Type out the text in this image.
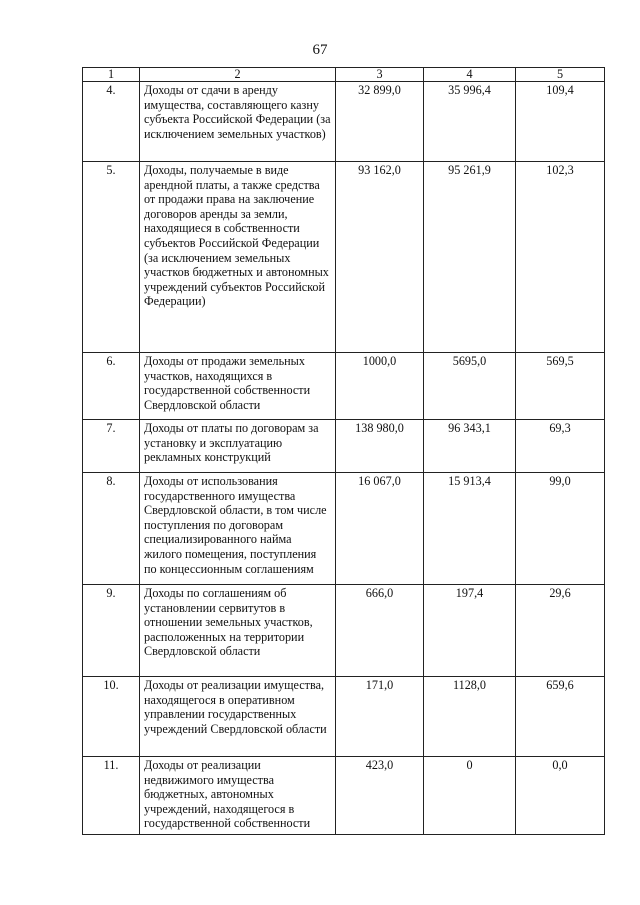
67
1	2	3	4	5
4.	Доходы от сдачи в аренду имущества, составляющего казну субъекта Российской Федерации (за исключением земельных участков)	32 899,0	35 996,4	109,4
5.	Доходы, получаемые в виде арендной платы, а также средства от продажи права на заключение договоров аренды за земли, находящиеся в собственности субъектов Российской Федерации (за исключением земельных участков бюджетных и автономных учреждений субъектов Российской Федерации)	93 162,0	95 261,9	102,3
6.	Доходы от продажи земельных участков, находящихся в государственной собственности Свердловской области	1000,0	5695,0	569,5
7.	Доходы от платы по договорам за установку и эксплуатацию рекламных конструкций	138 980,0	96 343,1	69,3
8.	Доходы от использования государственного имущества Свердловской области, в том числе поступления по договорам специализированного найма жилого помещения, поступления по концессионным соглашениям	16 067,0	15 913,4	99,0
9.	Доходы по соглашениям об установлении сервитутов в отношении земельных участков, расположенных на территории Свердловской области	666,0	197,4	29,6
10.	Доходы от реализации имущества, находящегося в оперативном управлении государственных учреждений Свердловской области	171,0	1128,0	659,6
11.	Доходы от реализации недвижимого имущества бюджетных, автономных учреждений, находящегося в государственной собственности	423,0	0	0,0
